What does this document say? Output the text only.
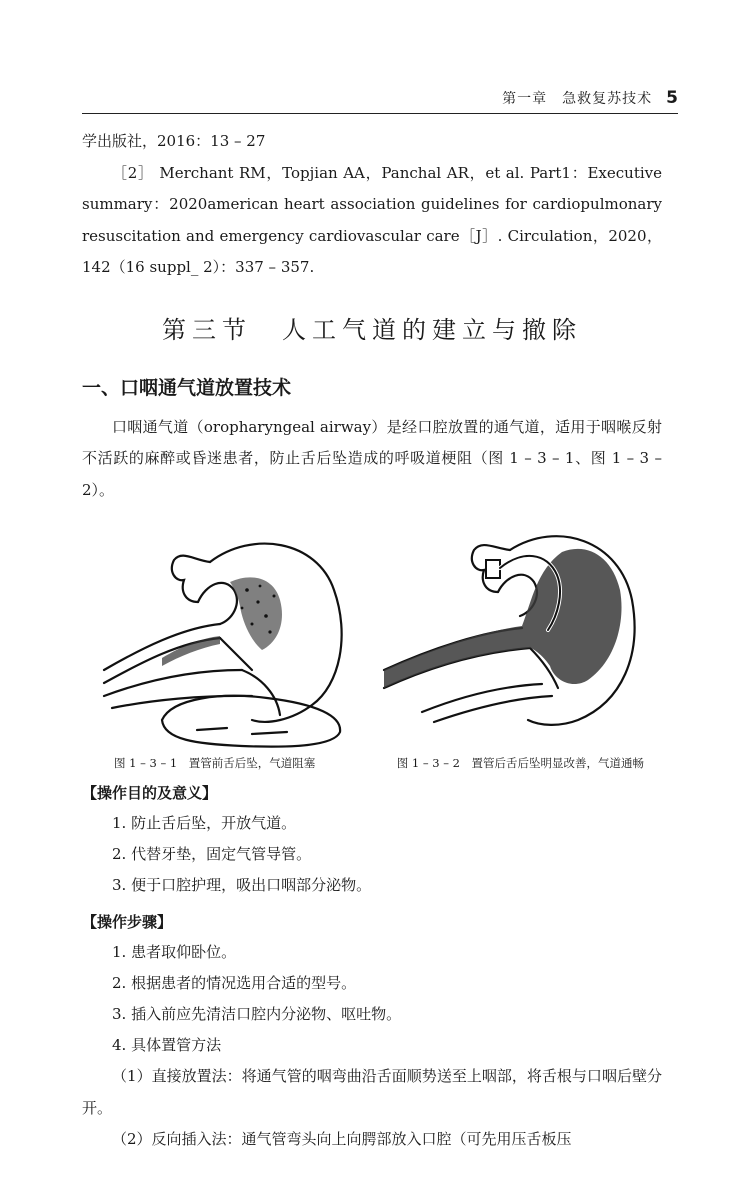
第一章　急救复苏技术 5

学出版社，2016：13 – 27

［2］ Merchant RM，Topjian AA，Panchal AR，et al. Part1：Executive summary：2020american heart association guidelines for cardiopulmonary resuscitation and emergency cardiovascular care［J］. Circulation，2020，142（16 suppl_ 2）：337 – 357.

第三节　人工气道的建立与撤除
一、口咽通气道放置技术

口咽通气道（oropharyngeal airway）是经口腔放置的通气道，适用于咽喉反射不活跃的麻醉或昏迷患者，防止舌后坠造成的呼吸道梗阻（图 1 – 3 – 1、图 1 – 3 – 2）。

图 1 – 3 – 1　置管前舌后坠，气道阻塞	图 1 – 3 – 2　置管后舌后坠明显改善，气道通畅
【操作目的及意义】

1. 防止舌后坠，开放气道。

2. 代替牙垫，固定气管导管。

3. 便于口腔护理，吸出口咽部分泌物。

【操作步骤】

1. 患者取仰卧位。

2. 根据患者的情况选用合适的型号。

3. 插入前应先清洁口腔内分泌物、呕吐物。

4. 具体置管方法

（1）直接放置法：将通气管的咽弯曲沿舌面顺势送至上咽部，将舌根与口咽后壁分开。

（2）反向插入法：通气管弯头向上向腭部放入口腔（可先用压舌板压
